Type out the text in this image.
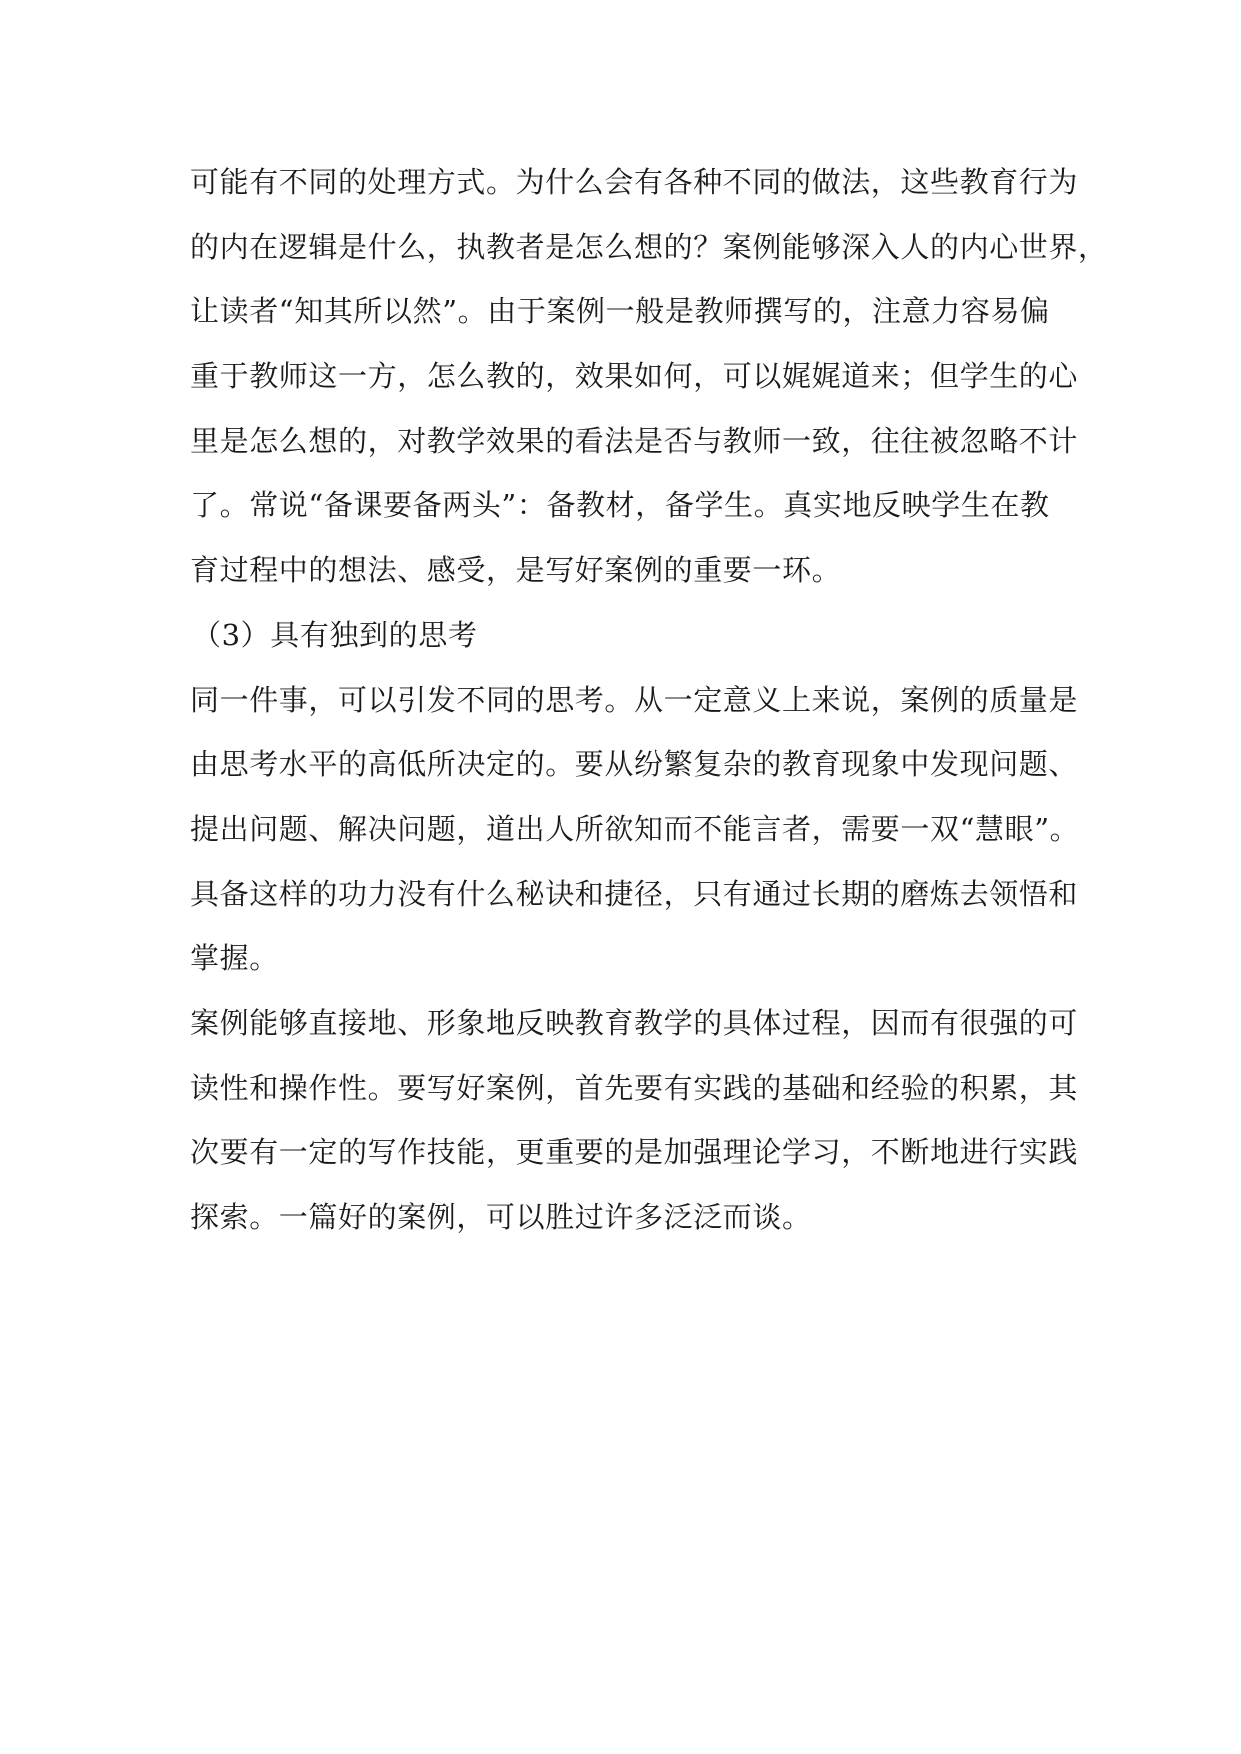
可能有不同的处理方式。为什么会有各种不同的做法，这些教育行为
的内在逻辑是什么，执教者是怎么想的？案例能够深入人的内心世界，
让读者“知其所以然”。由于案例一般是教师撰写的，注意力容易偏
重于教师这一方，怎么教的，效果如何，可以娓娓道来；但学生的心
里是怎么想的，对教学效果的看法是否与教师一致，往往被忽略不计
了。常说“备课要备两头”：备教材，备学生。真实地反映学生在教
育过程中的想法、感受，是写好案例的重要一环。
（3）具有独到的思考
同一件事，可以引发不同的思考。从一定意义上来说，案例的质量是
由思考水平的高低所决定的。要从纷繁复杂的教育现象中发现问题、
提出问题、解决问题，道出人所欲知而不能言者，需要一双“慧眼”。
具备这样的功力没有什么秘诀和捷径，只有通过长期的磨炼去领悟和
掌握。
案例能够直接地、形象地反映教育教学的具体过程，因而有很强的可
读性和操作性。要写好案例，首先要有实践的基础和经验的积累，其
次要有一定的写作技能，更重要的是加强理论学习，不断地进行实践
探索。一篇好的案例，可以胜过许多泛泛而谈。
